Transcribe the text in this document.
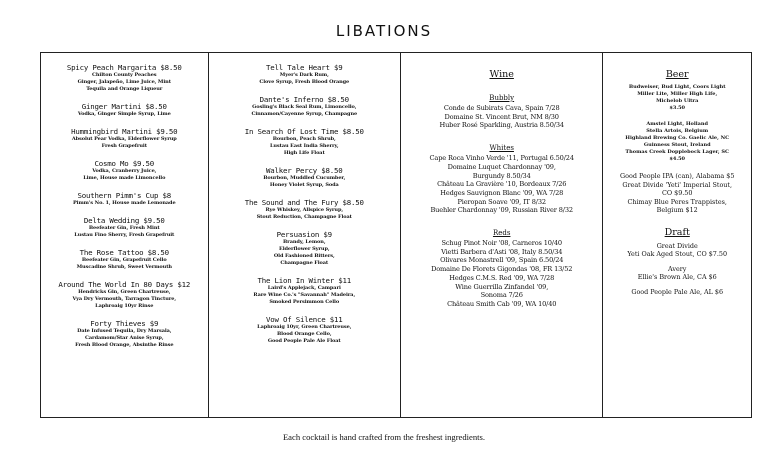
LIBATIONS
Spicy Peach Margarita $8.50
Chilton County Peaches
Ginger, Jalapeño, Lime Juice, Mint
Tequila and Orange Liqueur
Ginger Martini $8.50
Vodka, Ginger Simple Syrup, Lime
Hummingbird Martini $9.50
Absolut Pear Vodka, Elderflower Syrup
Fresh Grapefruit
Cosmo Mo $9.50
Vodka, Cranberry Juice,
Lime, House made Limoncello
Southern Pimm's Cup $8
Pimm's No. 1, House made Lemonade
Delta Wedding $9.50
Beefeater Gin, Fresh Mint
Lustau Fino Sherry, Fresh Grapefruit
The Rose Tattoo $8.50
Beefeater Gin, Grapefruit Cello
Muscadine Shrub, Sweet Vermouth
Around The World In 80 Days $12
Hendricks Gin, Green Chartreuse,
Vya Dry Vermouth, Tarragon Tincture,
Laphroaig 10yr Rinse
Forty Thieves $9
Date Infused Tequila, Dry Marsala,
Cardamom/Star Anise Syrup,
Fresh Blood Orange, Absinthe Rinse
Tell Tale Heart $9
Myer's Dark Rum,
Clove Syrup, Fresh Blood Orange
Dante's Inferno $8.50
Gosling's Black Seal Rum, Limoncello,
Cinnamon/Cayenne Syrup, Champagne
In Search Of Lost Time $8.50
Bourbon, Peach Shrub,
Lustau East India Sherry,
High Life Float
Walker Percy $8.50
Bourbon, Muddled Cucumber,
Honey Violet Syrup, Soda
The Sound and The Fury $8.50
Rye Whiskey, Allspice Syrup,
Stout Reduction, Champagne Float
Persuasion $9
Brandy, Lemon,
Elderflower Syrup,
Old Fashioned Bitters,
Champagne Float
The Lion In Winter $11
Laird's Applejack, Campari
Rare Wine Co.'s "Savannah" Madeira,
Smoked Persimmon Cello
Vow Of Silence $11
Laphroaig 10yr, Green Chartreuse,
Blood Orange Cello,
Good People Pale Ale Float
Wine
Bubbly
Conde de Subirats Cava, Spain 7/28
Domaine St. Vincent Brut, NM 8/30
Huber Rosé Sparkling, Austria 8.50/34
Whites
Cape Roca Vinho Verde '11, Portugal 6.50/24
Domaine Luquet Chardonnay '09,
Burgundy 8.50/34
Château La Gravière '10, Bordeaux 7/26
Hedges Sauvignon Blanc '09, WA 7/28
Pieropan Soave '09, IT 8/32
Buehler Chardonnay '09, Russian River 8/32
Reds
Schug Pinot Noir '08, Carneros 10/40
Vietti Barbera d'Asti '08, Italy 8.50/34
Olivares Monastrell '09, Spain 6.50/24
Domaine De Florets Gigondas '08, FR 13/52
Hedges C.M.S. Red '09, WA 7/28
Wine Guerrilla Zinfandel '09,
Sonoma 7/26
Château Smith Cab '09, WA 10/40
Beer
Budweiser, Bud Light, Coors Light
Miller Lite, Miller High Life,
Michelob Ultra
$3.50
Amstel Light, Holland
Stella Artois, Belgium
Highland Brewing Co. Gaelic Ale, NC
Guinness Stout, Ireland
Thomas Creek Dopplebock Lager, SC
$4.50
Good People IPA (can), Alabama $5
Great Divide 'Yeti' Imperial Stout,
CO $9.50
Chimay Blue Peres Trappistes,
Belgium $12
Draft
Great Divide
Yeti Oak Aged Stout, CO $7.50
Avery
Ellie's Brown Ale, CA $6
Good People Pale Ale, AL $6
Each cocktail is hand crafted from the freshest ingredients.
